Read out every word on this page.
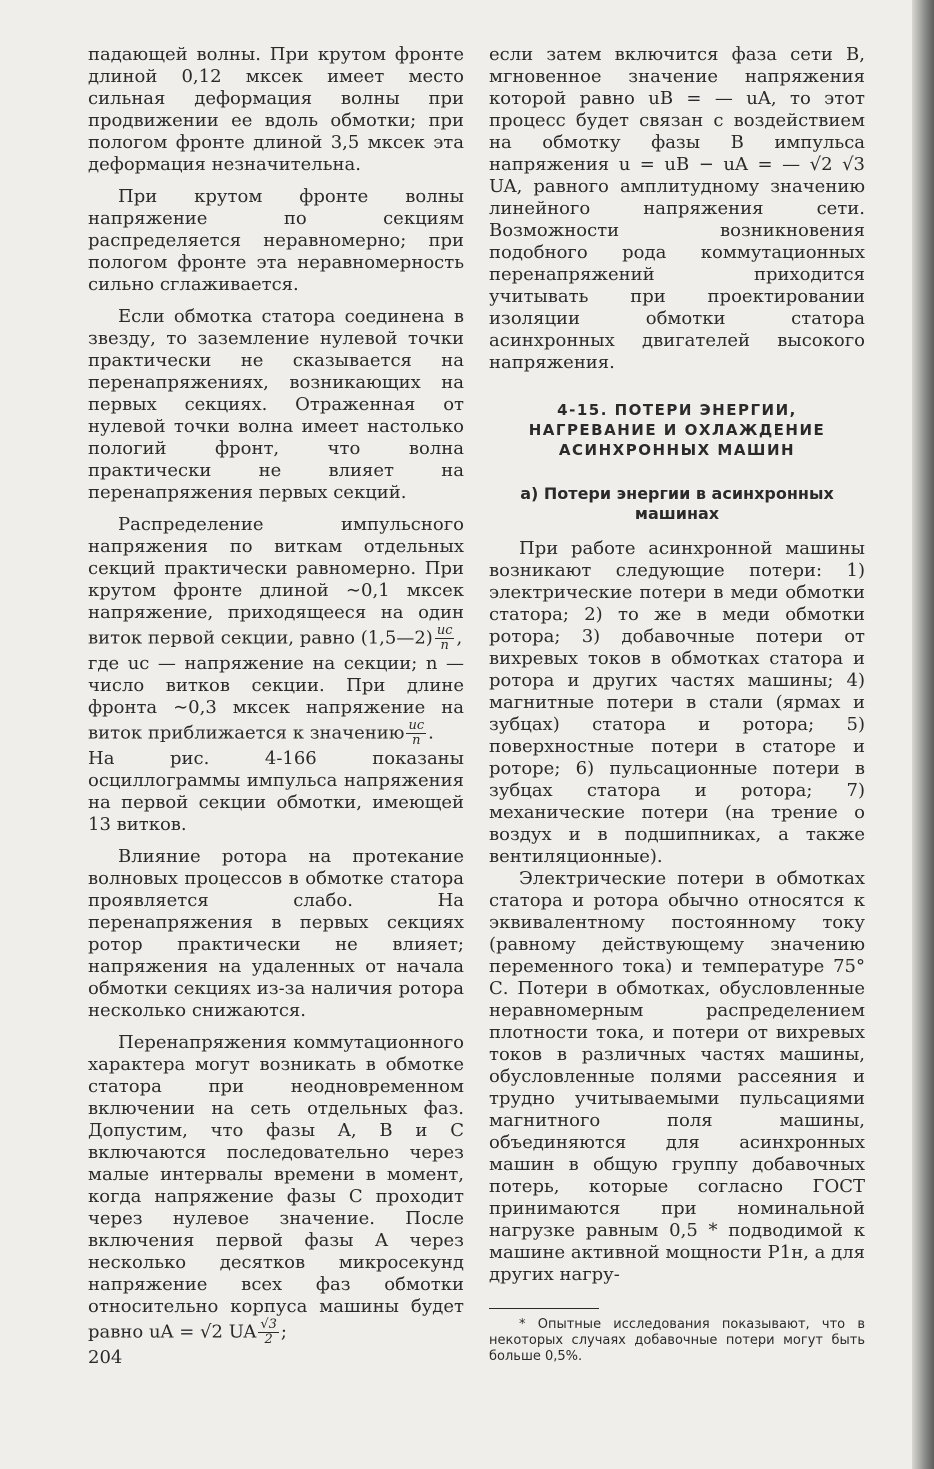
падающей волны. При крутом фронте длиной 0,12 мксек имеет место сильная деформация волны при продвижении ее вдоль обмотки; при пологом фронте длиной 3,5 мксек эта деформация незначительна.

При крутом фронте волны напряжение по секциям распределяется неравномерно; при пологом фронте эта неравномерность сильно сглаживается.

Если обмотка статора соединена в звезду, то заземление нулевой точки практически не сказывается на перенапряжениях, возникающих на первых секциях. Отраженная от нулевой точки волна имеет настолько пологий фронт, что волна практически не влияет на перенапряжения первых секций.

Распределение импульсного напряжения по виткам отдельных секций практически равномерно. При крутом фронте длиной ∼0,1 мксек напряжение, приходящееся на один виток первой секции, равно (1,5—2) $\frac{uc}{n}$ ,

где uc — напряжение на секции; n — число витков секции. При длине фронта ∼0,3 мксек напряжение на виток приближается к значению $\frac{uc}{n}$ .

На рис. 4-166 показаны осциллограммы импульса напряжения на первой секции обмотки, имеющей 13 витков.

Влияние ротора на протекание волновых процессов в обмотке статора проявляется слабо. На перенапряжения в первых секциях ротор практически не влияет; напряжения на удаленных от начала обмотки секциях из-за наличия ротора несколько снижаются.

Перенапряжения коммутационного характера могут возникать в обмотке статора при неодновременном включении на сеть отдельных фаз. Допустим, что фазы A, B и C включаются последовательно через малые интервалы времени в момент, когда напряжение фазы C проходит через нулевое значение. После включения первой фазы A через несколько десятков микросекунд напряжение всех фаз обмотки относительно корпуса машины будет равно uA = √2 UA $\frac{√3}{2}$ ;

если затем включится фаза сети B, мгновенное значение напряжения которой равно uB = — uA, то этот процесс будет связан с воздействием на обмотку фазы B импульса напряжения u = uB − uA = — √2 √3 UA, равного амплитудному значению линейного напряжения сети. Возможности возникновения подобного рода коммутационных перенапряжений приходится учитывать при проектировании изоляции обмотки статора асинхронных двигателей высокого напряжения.

4-15. ПОТЕРИ ЭНЕРГИИ,
НАГРЕВАНИЕ И ОХЛАЖДЕНИЕ
АСИНХРОННЫХ МАШИН
а) Потери энергии в асинхронных машинах

При работе асинхронной машины возникают следующие потери: 1) электрические потери в меди обмотки статора; 2) то же в меди обмотки ротора; 3) добавочные потери от вихревых токов в обмотках статора и ротора и других частях машины; 4) магнитные потери в стали (ярмах и зубцах) статора и ротора; 5) поверхностные потери в статоре и роторе; 6) пульсационные потери в зубцах статора и ротора; 7) механические потери (на трение о воздух и в подшипниках, а также вентиляционные).

Электрические потери в обмотках статора и ротора обычно относятся к эквивалентному постоянному току (равному действующему значению переменного тока) и температуре 75° С. Потери в обмотках, обусловленные неравномерным распределением плотности тока, и потери от вихревых токов в различных частях машины, обусловленные полями рассеяния и трудно учитываемыми пульсациями магнитного поля машины, объединяются для асинхронных машин в общую группу добавочных потерь, которые согласно ГОСТ принимаются при номинальной нагрузке равным 0,5 * подводимой к машине активной мощности P1н, а для других нагру-

* Опытные исследования показывают, что в некоторых случаях добавочные потери могут быть больше 0,5%.
204
